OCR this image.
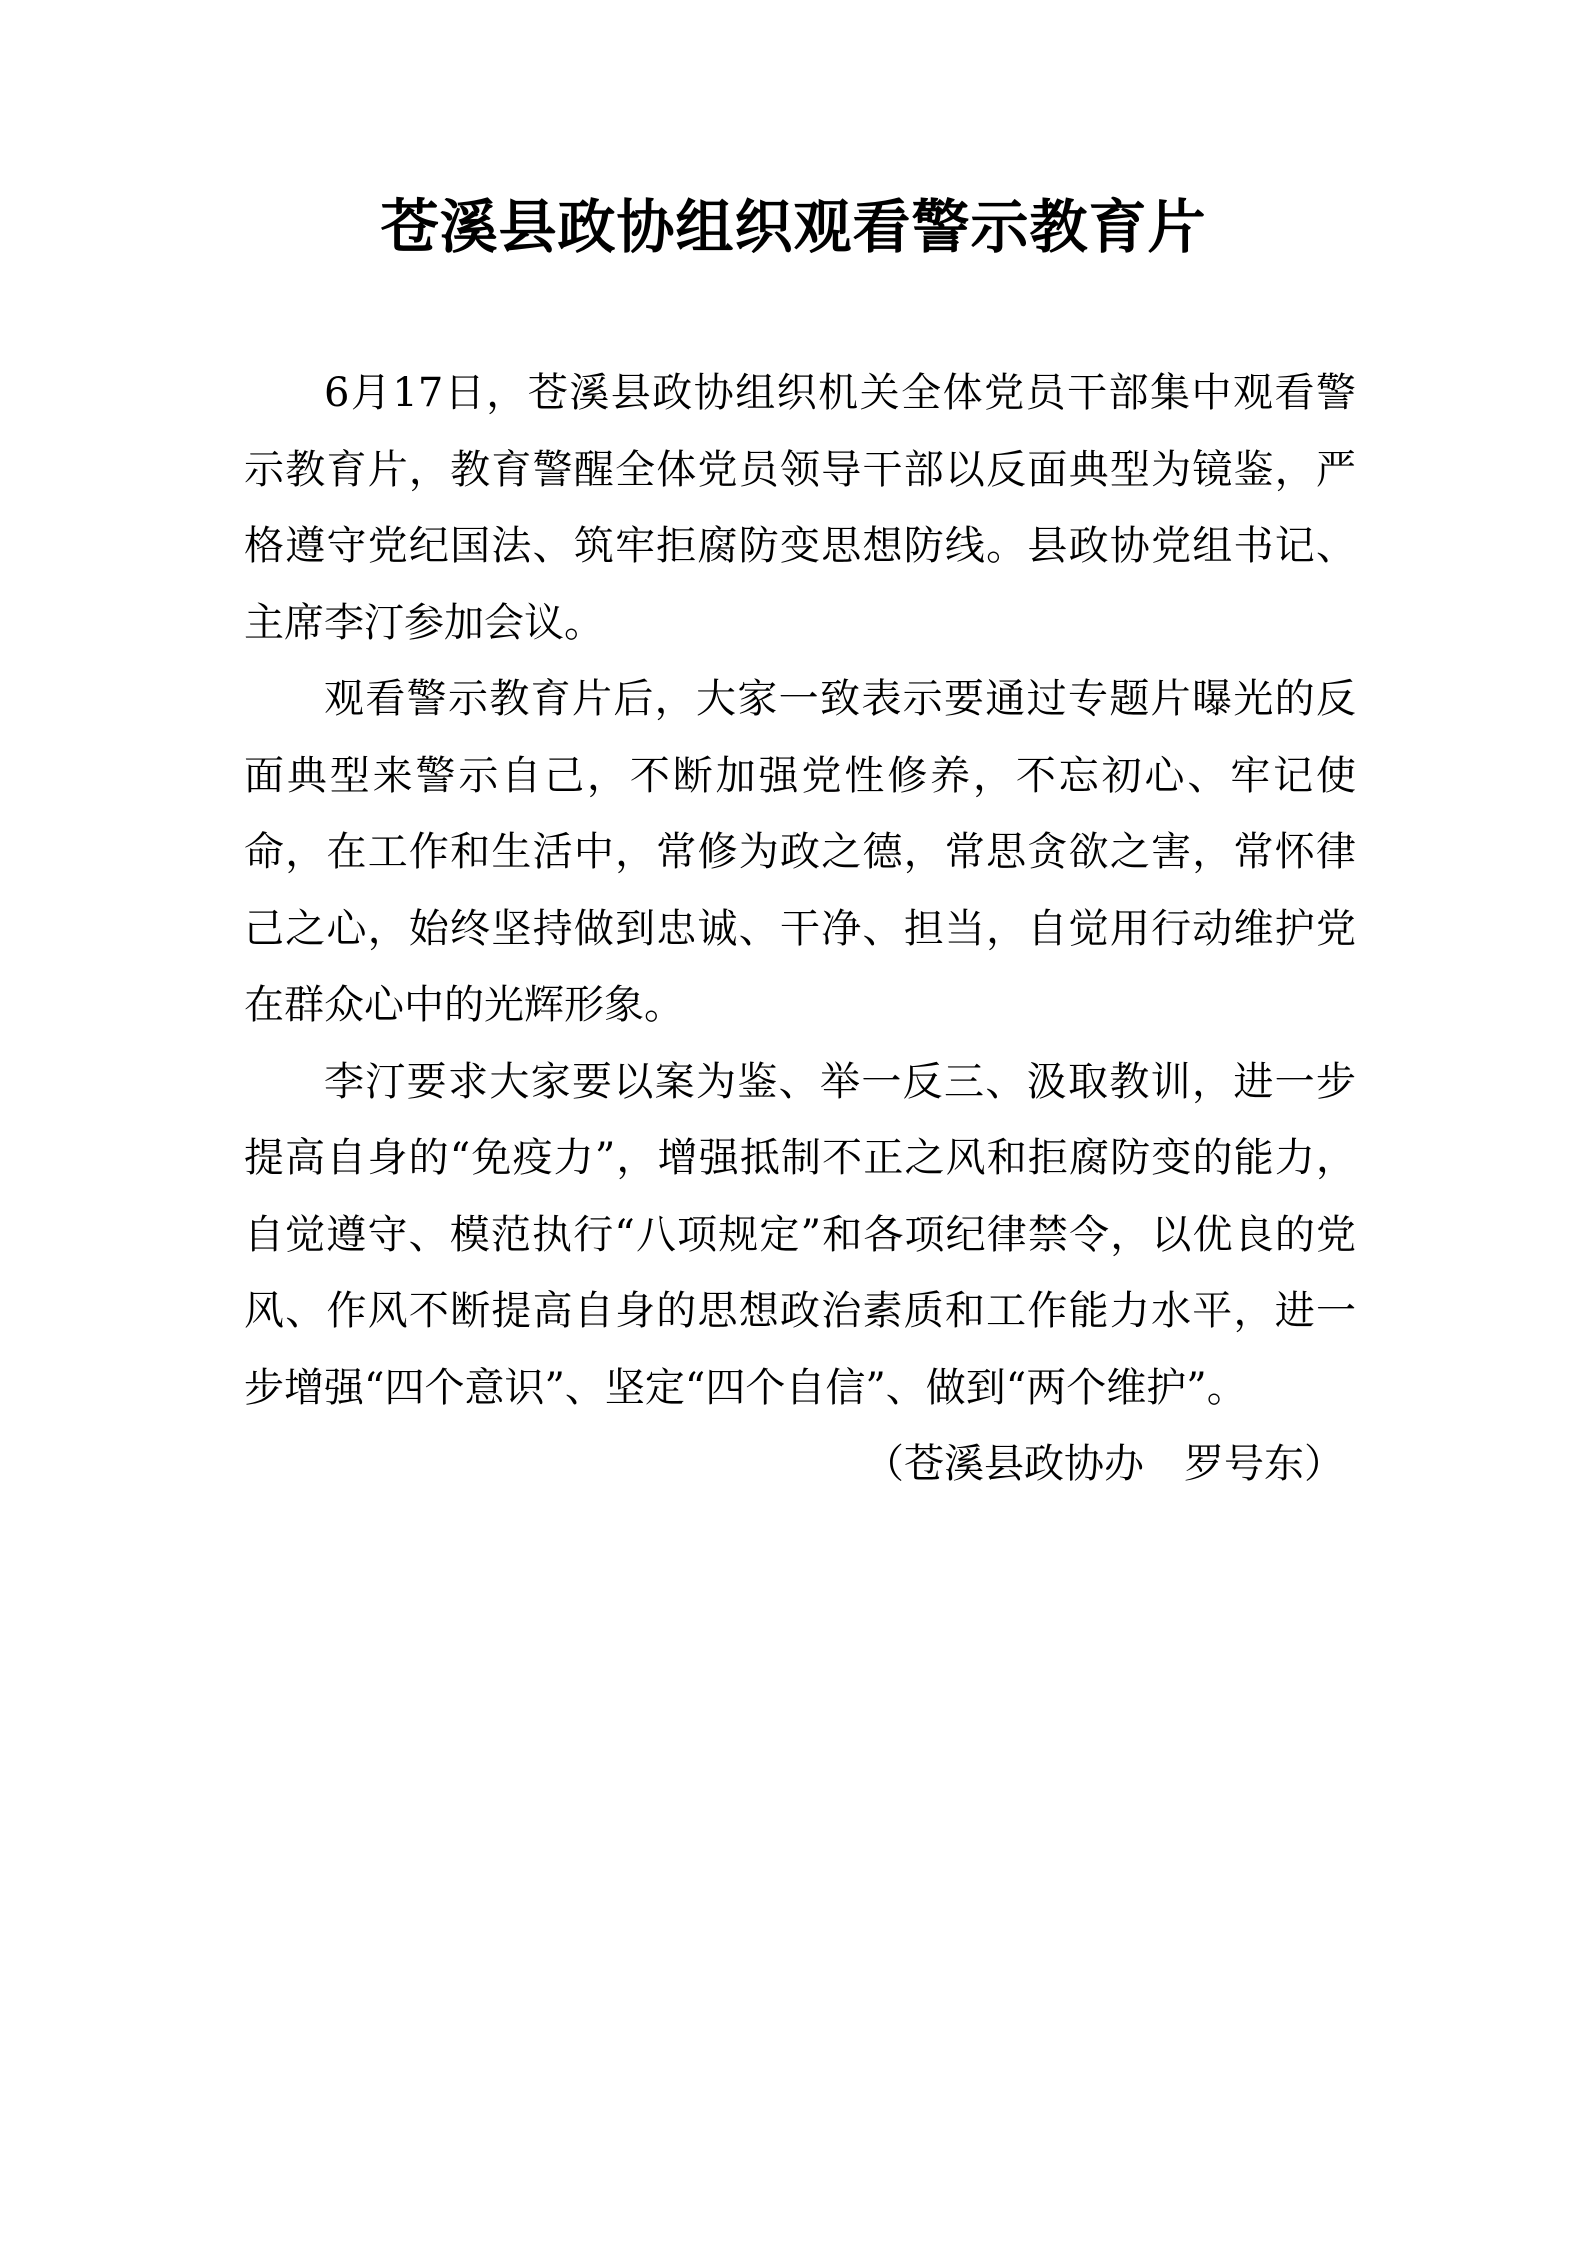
苍溪县政协组织观看警示教育片

6月17日，苍溪县政协组织机关全体党员干部集中观看警示教育片，教育警醒全体党员领导干部以反面典型为镜鉴，严格遵守党纪国法、筑牢拒腐防变思想防线。县政协党组书记、主席李汀参加会议。

观看警示教育片后，大家一致表示要通过专题片曝光的反面典型来警示自己，不断加强党性修养，不忘初心、牢记使命，在工作和生活中，常修为政之德，常思贪欲之害，常怀律己之心，始终坚持做到忠诚、干净、担当，自觉用行动维护党在群众心中的光辉形象。

李汀要求大家要以案为鉴、举一反三、汲取教训，进一步提高自身的“免疫力”，增强抵制不正之风和拒腐防变的能力，自觉遵守、模范执行“八项规定”和各项纪律禁令，以优良的党风、作风不断提高自身的思想政治素质和工作能力水平，进一步增强“四个意识”、坚定“四个自信”、做到“两个维护”。

（苍溪县政协办　罗号东）
